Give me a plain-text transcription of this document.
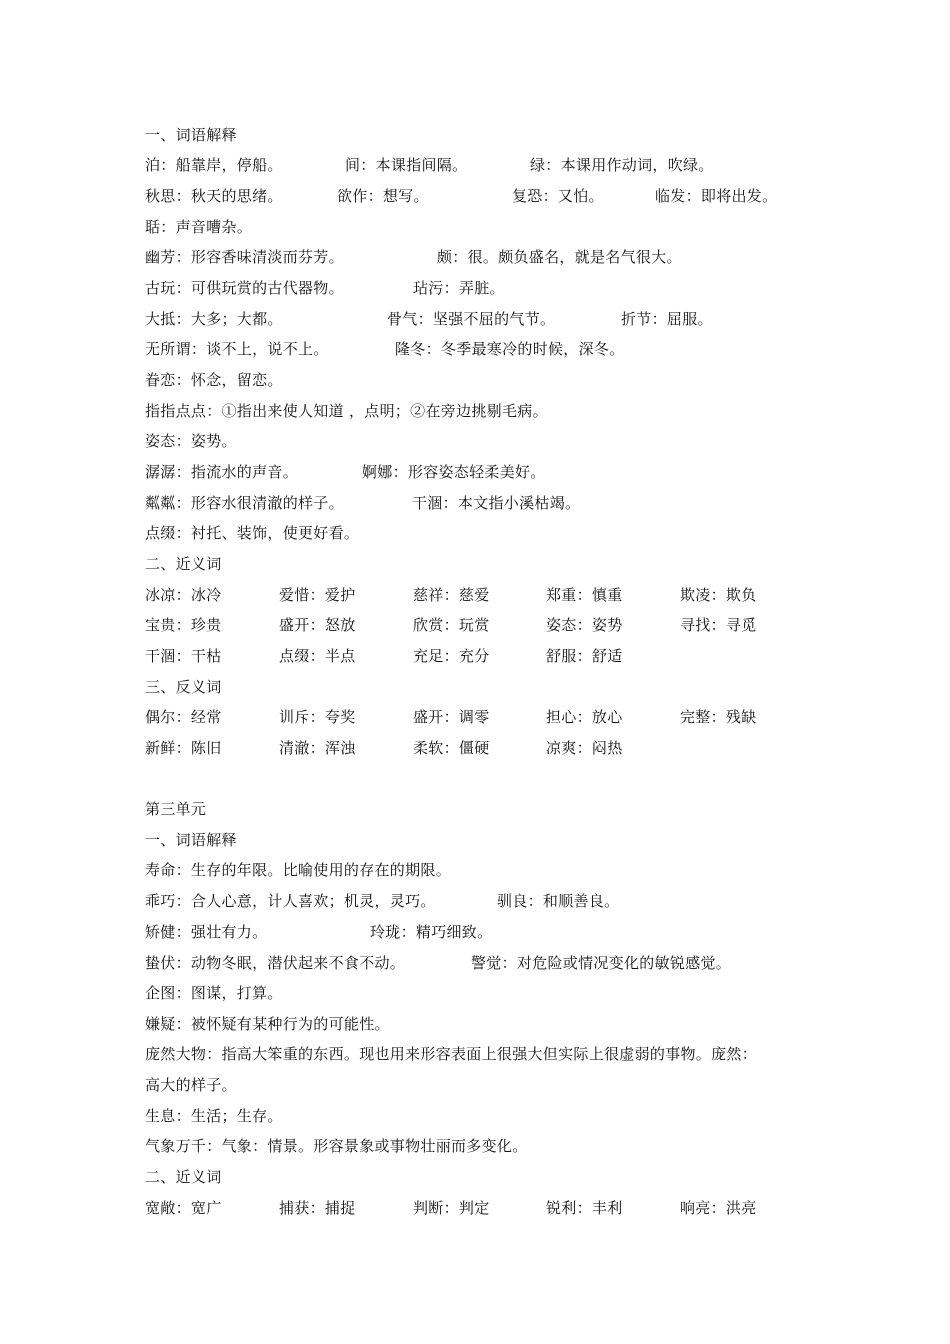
一、词语解释
泊：船靠岸，停船。	间：本课指间隔。	绿：本课用作动词，吹绿。
秋思：秋天的思绪。	欲作：想写。	复恐：又怕。	临发：即将出发。
聒：声音嘈杂。
幽芳：形容香味清淡而芬芳。	颇：很。颇负盛名，就是名气很大。
古玩：可供玩赏的古代器物。	玷污：弄脏。
大抵：大多；大都。	骨气：坚强不屈的气节。	折节：屈服。
无所谓：谈不上，说不上。	隆冬：冬季最寒冷的时候，深冬。
眷恋：怀念，留恋。
指指点点：①指出来使人知道 ，点明；②在旁边挑剔毛病。
姿态：姿势。
潺潺：指流水的声音。	婀娜：形容姿态轻柔美好。
粼粼：形容水很清澈的样子。	干涸：本文指小溪枯竭。
点缀：衬托、装饰，使更好看。
二、近义词
冰凉：冰冷	爱惜：爱护	慈祥：慈爱	郑重：慎重	欺凌：欺负
宝贵：珍贵	盛开：怒放	欣赏：玩赏	姿态：姿势	寻找：寻觅
干涸：干枯	点缀：半点	充足：充分	舒服：舒适
三、反义词
偶尔：经常	训斥：夸奖	盛开：调零	担心：放心	完整：残缺
新鲜：陈旧	清澈：浑浊	柔软：僵硬	凉爽：闷热
第三单元
一、词语解释
寿命：生存的年限。比喻使用的存在的期限。
乖巧：合人心意，计人喜欢；机灵，灵巧。	驯良：和顺善良。
矫健：强壮有力。	玲珑：精巧细致。
蛰伏：动物冬眠，潜伏起来不食不动。	警觉：对危险或情况变化的敏锐感觉。
企图：图谋，打算。
嫌疑：被怀疑有某种行为的可能性。
庞然大物：指高大笨重的东西。现也用来形容表面上很强大但实际上很虚弱的事物。庞然：
高大的样子。
生息：生活；生存。
气象万千：气象：情景。形容景象或事物壮丽而多变化。
二、近义词
宽敞：宽广	捕获：捕捉	判断：判定	锐利：丰利	响亮：洪亮
